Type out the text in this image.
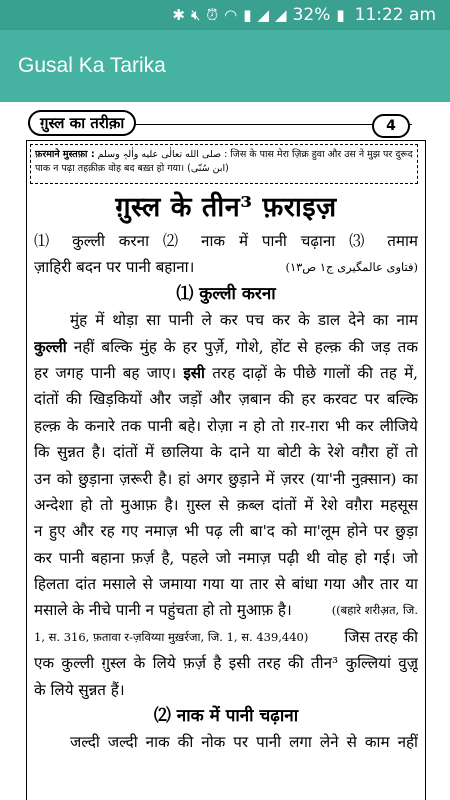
✱ 🔇︎ ⏰︎ ◠ ▮ ◢ ◢ 32% ▮ 11:22 am
Gusal Ka Tarika
ग़ुस्ल का तरीक़ा	4
फ़रमाने मुस्तफ़ा : صلى الله تعالٰى عليه واٰلہٖ وسلم : जिस के पास मेरा ज़िक्र हुवा और उस ने मुझ पर दुरूद
पाक न पढ़ा तहक़ीक़ वोह बद बख़्त हो गया। (ابن سُنّی)
ग़ुस्ल के तीन³ फ़राइज़
⑴ कुल्ली करना ⑵ नाक में पानी चढ़ाना ⑶ तमाम
ज़ाहिरी बदन पर पानी बहाना।	(فتاوی عالمگیری ج۱ ص۱۳)
⑴ कुल्ली करना
मुंह में थोड़ा सा पानी ले कर पच कर के डाल देने का नाम
कुल्ली नहीं बल्कि मुंह के हर पुर्ज़े, गोशे, होंट से हल्क़ की जड़ तक
हर जगह पानी बह जाए। इसी तरह दाढ़ों के पीछे गालों की तह में,
दांतों की खिड़कियों और जड़ों और ज़बान की हर करवट पर बल्कि
हल्क़ के कनारे तक पानी बहे। रोज़ा न हो तो ग़र-ग़रा भी कर लीजिये
कि सुन्नत है। दांतों में छालिया के दाने या बोटी के रेशे वग़ैरा हों तो
उन को छुड़ाना ज़रूरी है। हां अगर छुड़ाने में ज़रर (या'नी नुक़्सान) का
अन्देशा हो तो मुआफ़ है। ग़ुस्ल से क़ब्ल दांतों में रेशे वग़ैरा महसूस
न हुए और रह गए नमाज़ भी पढ़ ली बा'द को मा'लूम होने पर छुड़ा
कर पानी बहाना फ़र्ज़ है, पहले जो नमाज़ पढ़ी थी वोह हो गई। जो
हिलता दांत मसाले से जमाया गया या तार से बांधा गया और तार या
मसाले के नीचे पानी न पहुंचता हो तो मुआफ़ है।	((बहारे शरीअ़त, जि.
1, स. 316, फ़तावा र-ज़विय्या मुख़र्रजा, जि. 1, स. 439,440) जिस तरह की
एक कुल्ली ग़ुस्ल के लिये फ़र्ज़ है इसी तरह की तीन³ कुल्लियां वुज़ू
के लिये सुन्नत हैं।
⑵ नाक में पानी चढ़ाना
जल्दी जल्दी नाक की नोक पर पानी लगा लेने से काम नहीं
